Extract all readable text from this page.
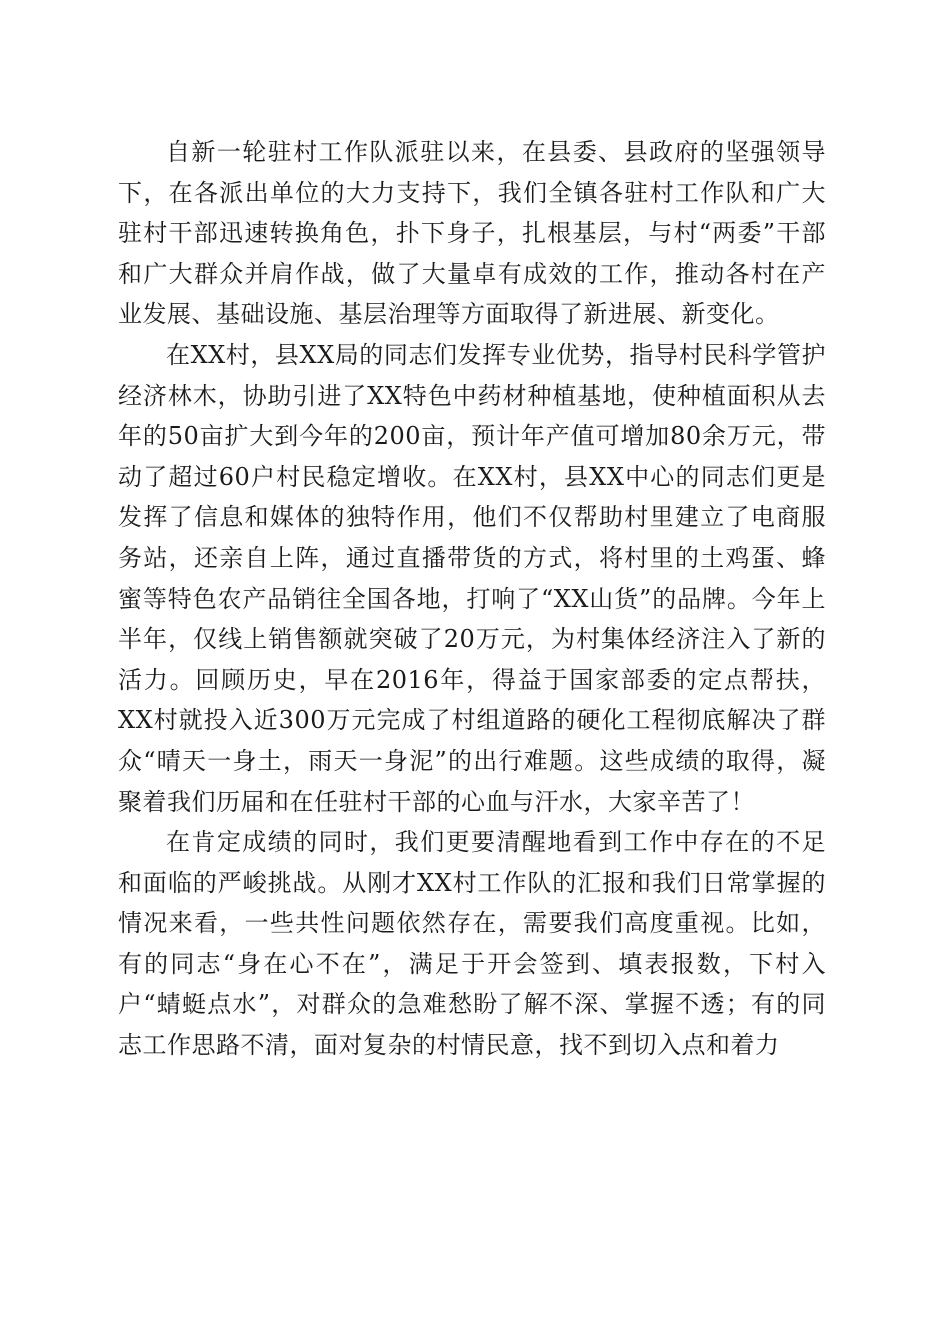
自新一轮驻村工作队派驻以来，在县委、县政府的坚强领导下，在各派出单位的大力支持下，我们全镇各驻村工作队和广大驻村干部迅速转换角色，扑下身子，扎根基层，与村“两委”干部和广大群众并肩作战，做了大量卓有成效的工作，推动各村在产业发展、基础设施、基层治理等方面取得了新进展、新变化。

在XX村，县XX局的同志们发挥专业优势，指导村民科学管护经济林木，协助引进了XX特色中药材种植基地，使种植面积从去年的50亩扩大到今年的200亩，预计年产值可增加80余万元，带动了超过60户村民稳定增收。在XX村，县XX中心的同志们更是发挥了信息和媒体的独特作用，他们不仅帮助村里建立了电商服务站，还亲自上阵，通过直播带货的方式，将村里的土鸡蛋、蜂蜜等特色农产品销往全国各地，打响了“XX山货”的品牌。今年上半年，仅线上销售额就突破了20万元，为村集体经济注入了新的活力。回顾历史，早在2016年，得益于国家部委的定点帮扶，XX村就投入近300万元完成了村组道路的硬化工程彻底解决了群众“晴天一身土，雨天一身泥”的出行难题。这些成绩的取得，凝聚着我们历届和在任驻村干部的心血与汗水，大家辛苦了！

在肯定成绩的同时，我们更要清醒地看到工作中存在的不足和面临的严峻挑战。从刚才XX村工作队的汇报和我们日常掌握的情况来看，一些共性问题依然存在，需要我们高度重视。比如，有的同志“身在心不在”，满足于开会签到、填表报数，下村入户“蜻蜓点水”，对群众的急难愁盼了解不深、掌握不透；有的同志工作思路不清，面对复杂的村情民意，找不到切入点和着力
